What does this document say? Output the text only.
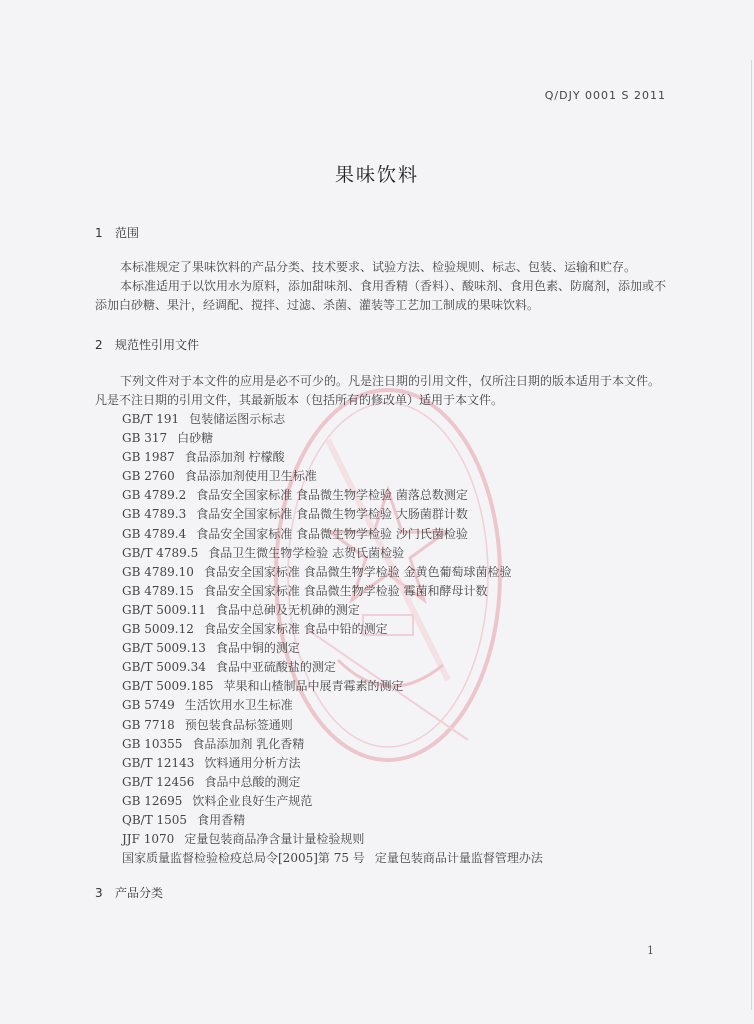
Q/DJY 0001 S 2011
果味饮料
1 范围
本标准规定了果味饮料的产品分类、技术要求、试验方法、检验规则、标志、包装、运输和贮存。
本标准适用于以饮用水为原料，添加甜味剂、食用香精（香料）、酸味剂、食用色素、防腐剂，添加或不添加白砂糖、果汁，经调配、搅拌、过滤、杀菌、灌装等工艺加工制成的果味饮料。
2 规范性引用文件
下列文件对于本文件的应用是必不可少的。凡是注日期的引用文件，仅所注日期的版本适用于本文件。凡是不注日期的引用文件，其最新版本（包括所有的修改单）适用于本文件。
GB/T 191 包装储运图示标志
GB 317 白砂糖
GB 1987 食品添加剂 柠檬酸
GB 2760 食品添加剂使用卫生标准
GB 4789.2 食品安全国家标准 食品微生物学检验 菌落总数测定
GB 4789.3 食品安全国家标准 食品微生物学检验 大肠菌群计数
GB 4789.4 食品安全国家标准 食品微生物学检验 沙门氏菌检验
GB/T 4789.5 食品卫生微生物学检验 志贺氏菌检验
GB 4789.10 食品安全国家标准 食品微生物学检验 金黄色葡萄球菌检验
GB 4789.15 食品安全国家标准 食品微生物学检验 霉菌和酵母计数
GB/T 5009.11 食品中总砷及无机砷的测定
GB 5009.12 食品安全国家标准 食品中铅的测定
GB/T 5009.13 食品中铜的测定
GB/T 5009.34 食品中亚硫酸盐的测定
GB/T 5009.185 苹果和山楂制品中展青霉素的测定
GB 5749 生活饮用水卫生标准
GB 7718 预包装食品标签通则
GB 10355 食品添加剂 乳化香精
GB/T 12143 饮料通用分析方法
GB/T 12456 食品中总酸的测定
GB 12695 饮料企业良好生产规范
QB/T 1505 食用香精
JJF 1070 定量包装商品净含量计量检验规则
国家质量监督检验检疫总局令[2005]第 75 号 定量包装商品计量监督管理办法
3 产品分类
1
